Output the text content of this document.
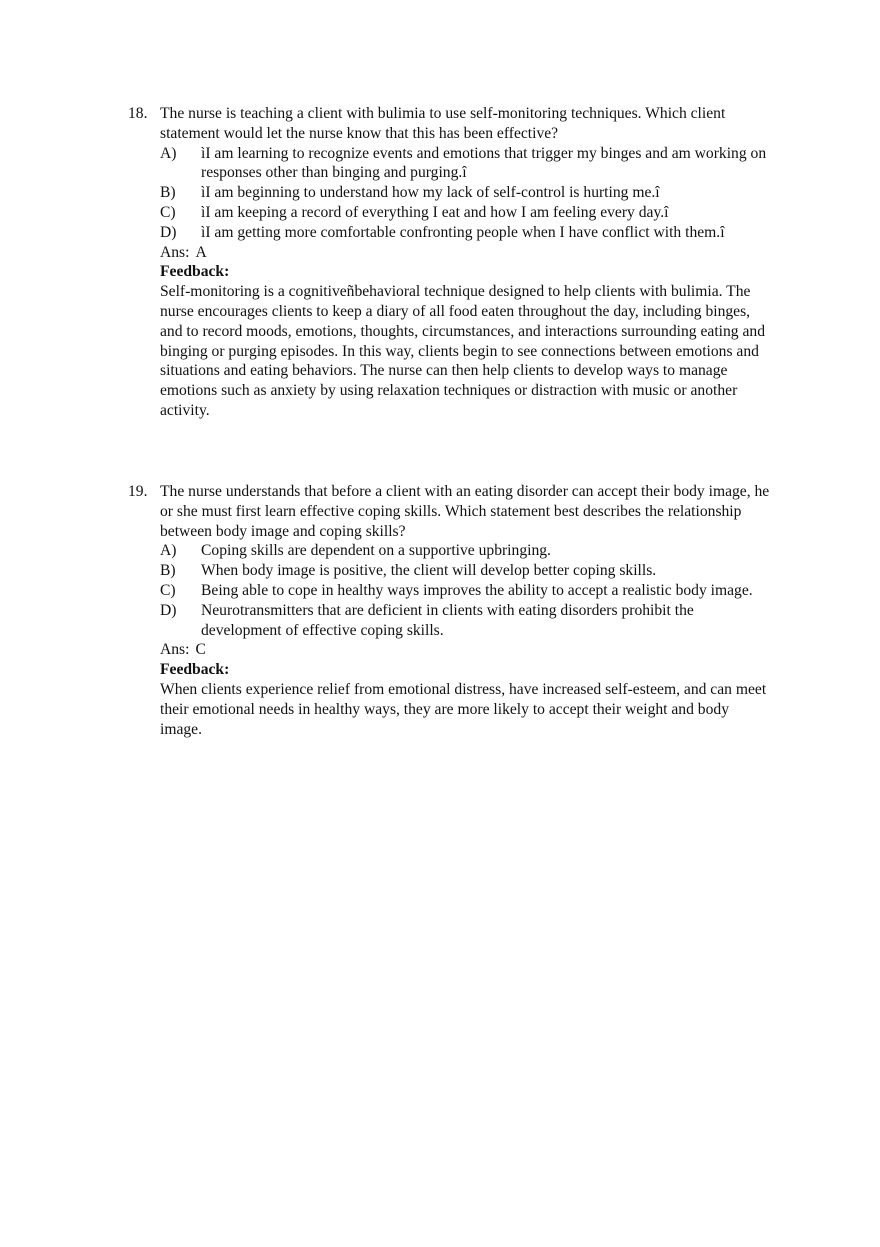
18. The nurse is teaching a client with bulimia to use self-monitoring techniques. Which client statement would let the nurse know that this has been effective?
A)	ìI am learning to recognize events and emotions that trigger my binges and am working on responses other than binging and purging.î
B)	ìI am beginning to understand how my lack of self-control is hurting me.î
C)	ìI am keeping a record of everything I eat and how I am feeling every day.î
D)	ìI am getting more comfortable confronting people when I have conflict with them.î
Ans: A
Feedback:
Self-monitoring is a cognitiveñbehavioral technique designed to help clients with bulimia. The nurse encourages clients to keep a diary of all food eaten throughout the day, including binges, and to record moods, emotions, thoughts, circumstances, and interactions surrounding eating and binging or purging episodes. In this way, clients begin to see connections between emotions and situations and eating behaviors. The nurse can then help clients to develop ways to manage emotions such as anxiety by using relaxation techniques or distraction with music or another activity.
19. The nurse understands that before a client with an eating disorder can accept their body image, he or she must first learn effective coping skills. Which statement best describes the relationship between body image and coping skills?
A)	Coping skills are dependent on a supportive upbringing.
B)	When body image is positive, the client will develop better coping skills.
C)	Being able to cope in healthy ways improves the ability to accept a realistic body image.
D)	Neurotransmitters that are deficient in clients with eating disorders prohibit the development of effective coping skills.
Ans: C
Feedback:
When clients experience relief from emotional distress, have increased self-esteem, and can meet their emotional needs in healthy ways, they are more likely to accept their weight and body image.
